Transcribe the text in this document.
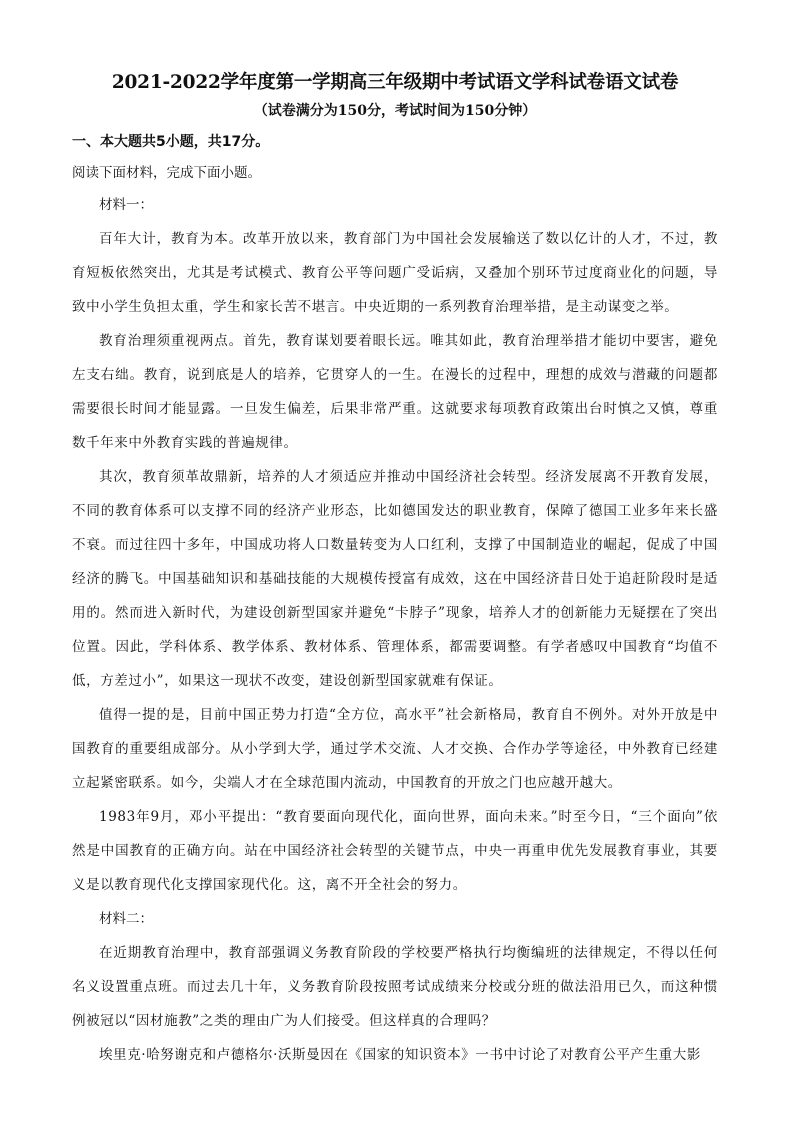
2021-2022学年度第一学期高三年级期中考试语文学科试卷语文试卷

（试卷满分为150分，考试时间为150分钟）

一、本大题共5小题，共17分。

阅读下面材料，完成下面小题。

材料一：

百年大计，教育为本。改革开放以来，教育部门为中国社会发展输送了数以亿计的人才，不过，教育短板依然突出，尤其是考试模式、教育公平等问题广受诟病，又叠加个别环节过度商业化的问题，导致中小学生负担太重，学生和家长苦不堪言。中央近期的一系列教育治理举措，是主动谋变之举。

教育治理须重视两点。首先，教育谋划要着眼长远。唯其如此，教育治理举措才能切中要害，避免左支右绌。教育，说到底是人的培养，它贯穿人的一生。在漫长的过程中，理想的成效与潜藏的问题都需要很长时间才能显露。一旦发生偏差，后果非常严重。这就要求每项教育政策出台时慎之又慎，尊重数千年来中外教育实践的普遍规律。

其次，教育须革故鼎新，培养的人才须适应并推动中国经济社会转型。经济发展离不开教育发展，不同的教育体系可以支撑不同的经济产业形态，比如德国发达的职业教育，保障了德国工业多年来长盛不衰。而过往四十多年，中国成功将人口数量转变为人口红利，支撑了中国制造业的崛起，促成了中国经济的腾飞。中国基础知识和基础技能的大规模传授富有成效，这在中国经济昔日处于追赶阶段时是适用的。然而进入新时代，为建设创新型国家并避免“卡脖子”现象，培养人才的创新能力无疑摆在了突出位置。因此，学科体系、教学体系、教材体系、管理体系，都需要调整。有学者感叹中国教育“均值不低，方差过小”，如果这一现状不改变，建设创新型国家就难有保证。

值得一提的是，目前中国正势力打造“全方位，高水平”社会新格局，教育自不例外。对外开放是中国教育的重要组成部分。从小学到大学，通过学术交流、人才交换、合作办学等途径，中外教育已经建立起紧密联系。如今，尖端人才在全球范围内流动，中国教育的开放之门也应越开越大。

1983年9月，邓小平提出：“教育要面向现代化，面向世界，面向未来。”时至今日，“三个面向”依然是中国教育的正确方向。站在中国经济社会转型的关键节点，中央一再重申优先发展教育事业，其要义是以教育现代化支撑国家现代化。这，离不开全社会的努力。

材料二：

在近期教育治理中，教育部强调义务教育阶段的学校要严格执行均衡编班的法律规定，不得以任何名义设置重点班。而过去几十年，义务教育阶段按照考试成绩来分校或分班的做法沿用已久，而这种惯例被冠以“因材施教”之类的理由广为人们接受。但这样真的合理吗？

埃里克·哈努谢克和卢德格尔·沃斯曼因在《国家的知识资本》一书中讨论了对教育公平产生重大影
